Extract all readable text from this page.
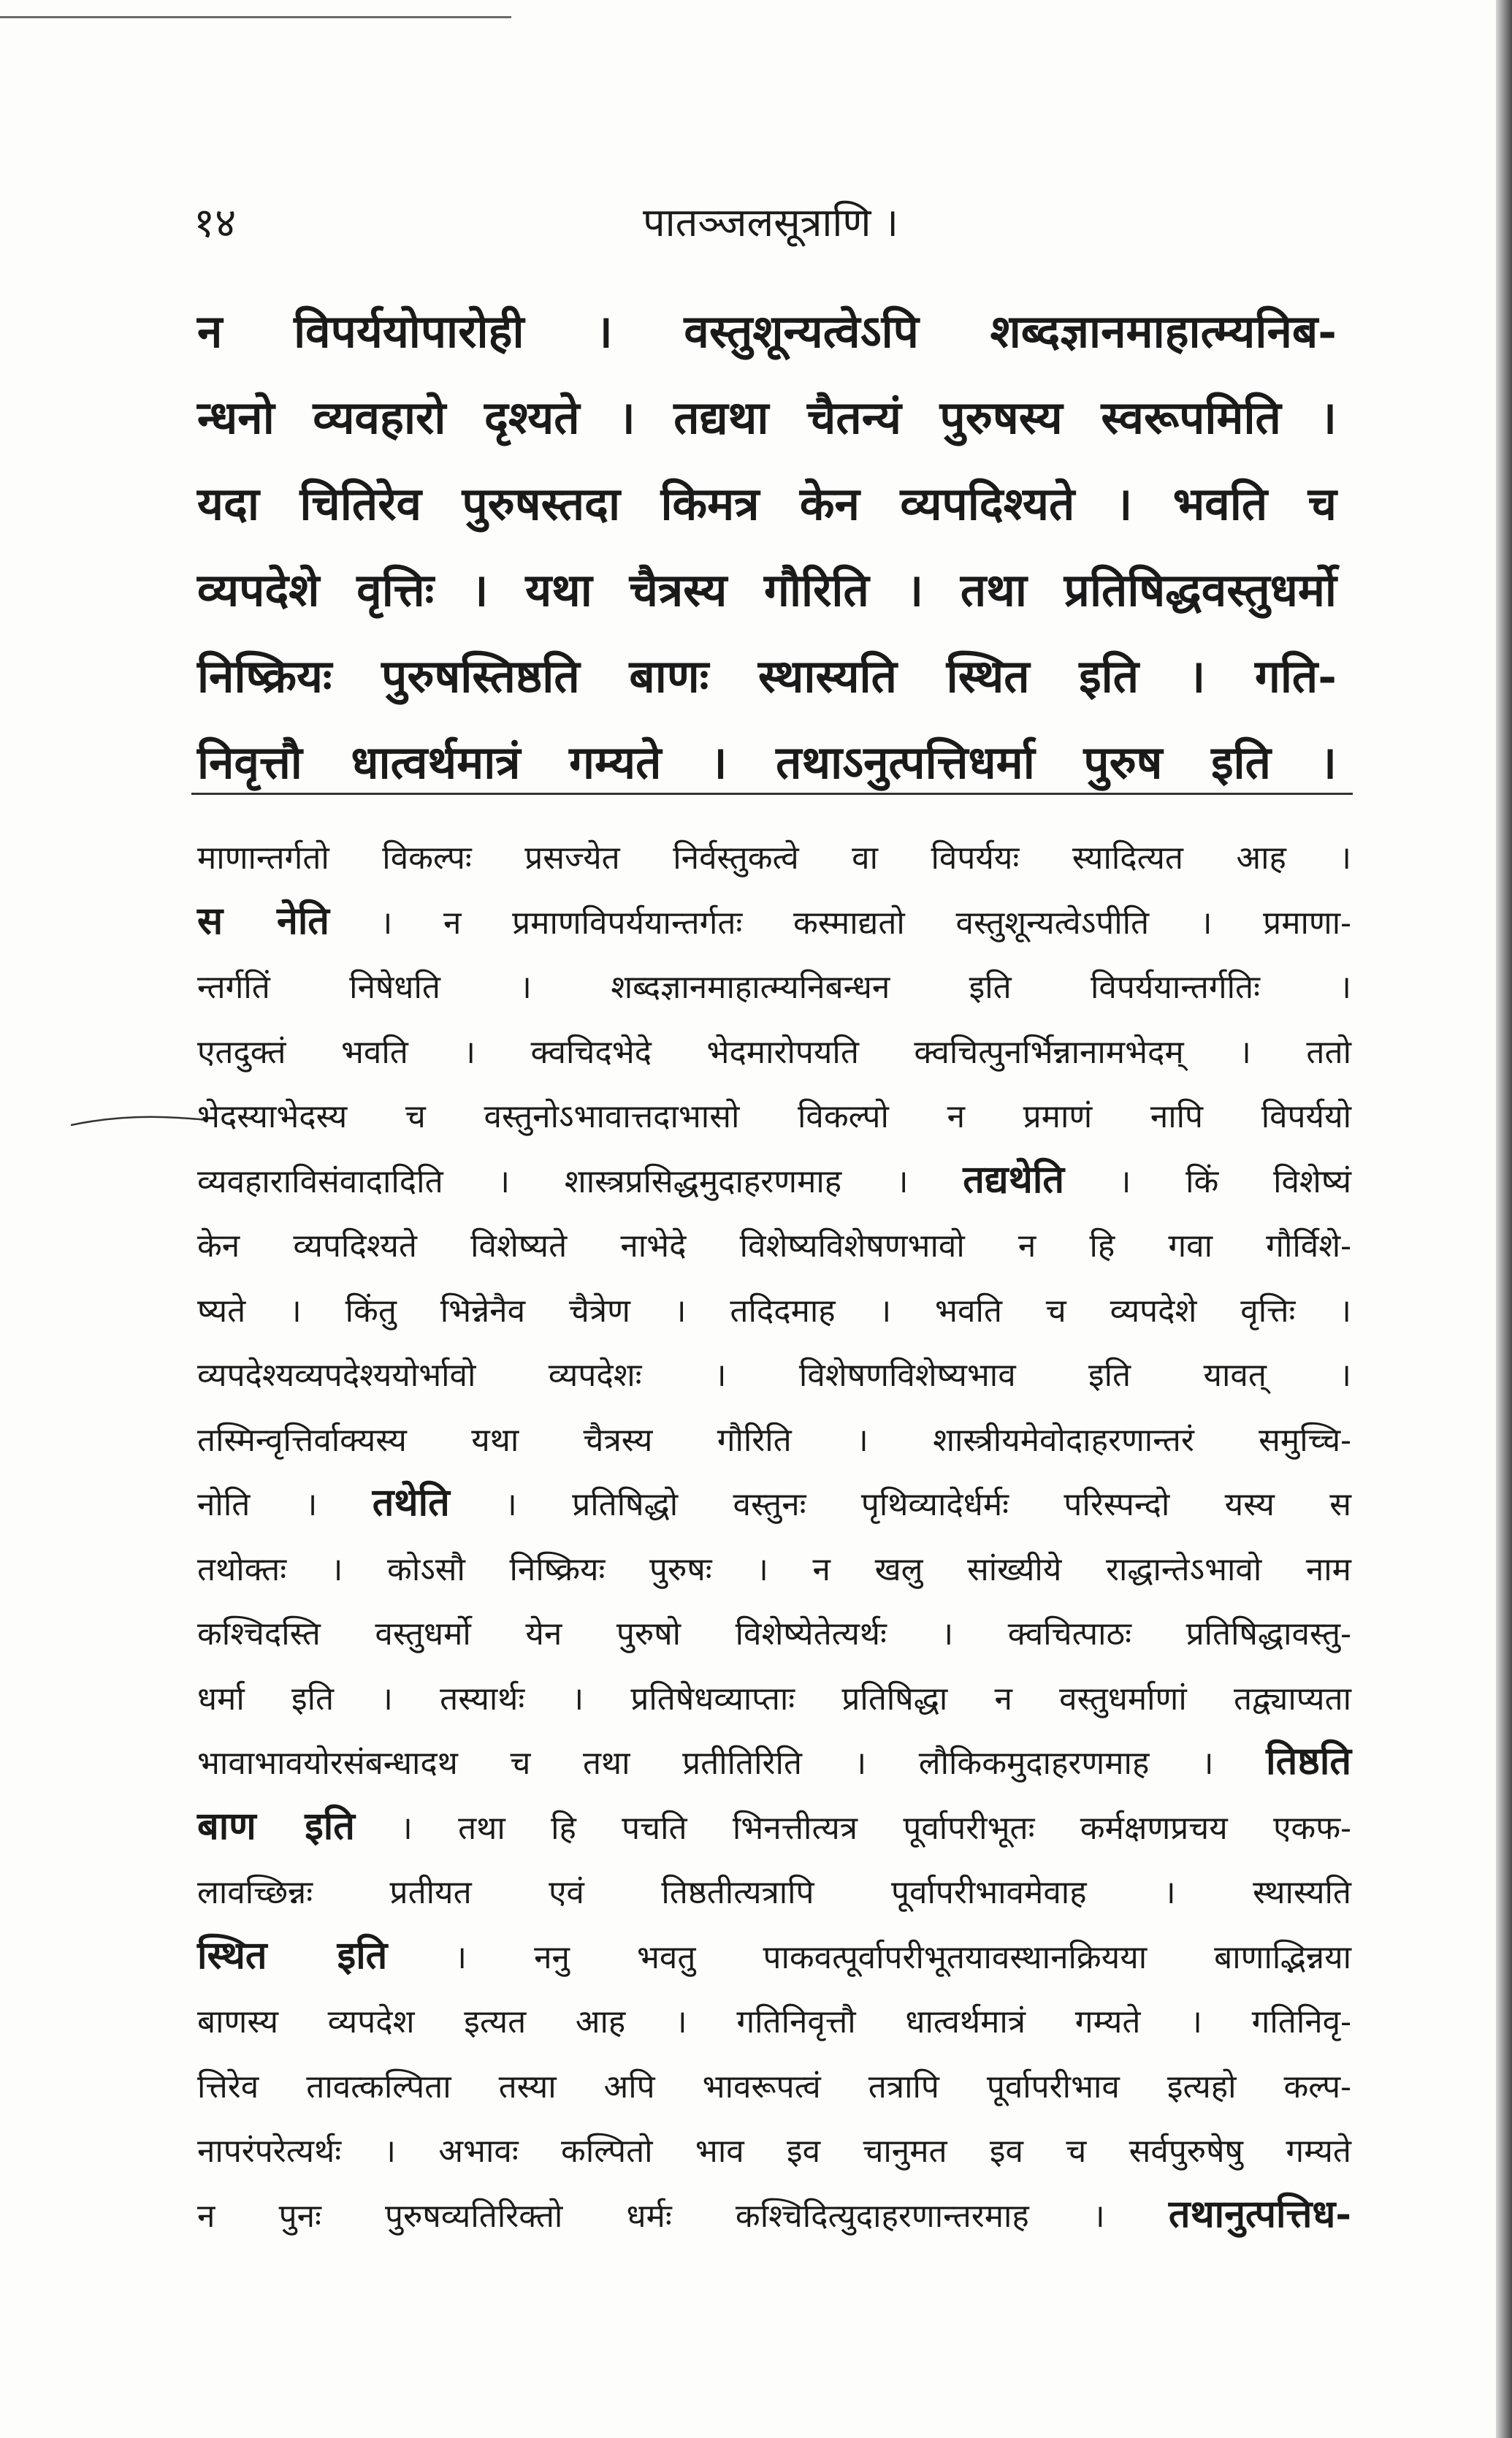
१४	पातञ्जलसूत्राणि ।
न विपर्ययोपारोही । वस्तुशून्यत्वेऽपि शब्दज्ञानमाहात्म्यनिब-
न्धनो व्यवहारो दृश्यते । तद्यथा चैतन्यं पुरुषस्य स्वरूपमिति ।
यदा चितिरेव पुरुषस्तदा किमत्र केन व्यपदिश्यते । भवति च
व्यपदेशे वृत्तिः । यथा चैत्रस्य गौरिति । तथा प्रतिषिद्धवस्तुधर्मो
निष्क्रियः पुरुषस्तिष्ठति बाणः स्थास्यति स्थित इति । गति-
निवृत्तौ धात्वर्थमात्रं गम्यते । तथाऽनुत्पत्तिधर्मा पुरुष इति ।
माणान्तर्गतो विकल्पः प्रसज्येत निर्वस्तुकत्वे वा विपर्ययः स्यादित्यत आह ।
स नेति । न प्रमाणविपर्ययान्तर्गतः कस्माद्यतो वस्तुशून्यत्वेऽपीति । प्रमाणा-
न्तर्गतिं निषेधति । शब्दज्ञानमाहात्म्यनिबन्धन इति विपर्ययान्तर्गतिः ।
एतदुक्तं भवति । क्वचिदभेदे भेदमारोपयति क्वचित्पुनर्भिन्नानामभेदम् । ततो
भेदस्याभेदस्य च वस्तुनोऽभावात्तदाभासो विकल्पो न प्रमाणं नापि विपर्ययो
व्यवहाराविसंवादादिति । शास्त्रप्रसिद्धमुदाहरणमाह । तद्यथेति । किं विशेष्यं
केन व्यपदिश्यते विशेष्यते नाभेदे विशेष्यविशेषणभावो न हि गवा गौर्विशे-
ष्यते । किंतु भिन्नेनैव चैत्रेण । तदिदमाह । भवति च व्यपदेशे वृत्तिः ।
व्यपदेश्यव्यपदेश्ययोर्भावो व्यपदेशः । विशेषणविशेष्यभाव इति यावत् ।
तस्मिन्वृत्तिर्वाक्यस्य यथा चैत्रस्य गौरिति । शास्त्रीयमेवोदाहरणान्तरं समुच्चि-
नोति । तथेति । प्रतिषिद्धो वस्तुनः पृथिव्यादेर्धर्मः परिस्पन्दो यस्य स
तथोक्तः । कोऽसौ निष्क्रियः पुरुषः । न खलु सांख्यीये राद्धान्तेऽभावो नाम
कश्चिदस्ति वस्तुधर्मो येन पुरुषो विशेष्येतेत्यर्थः । क्वचित्पाठः प्रतिषिद्धावस्तु-
धर्मा इति । तस्यार्थः । प्रतिषेधव्याप्ताः प्रतिषिद्धा न वस्तुधर्माणां तद्व्याप्यता
भावाभावयोरसंबन्धादथ च तथा प्रतीतिरिति । लौकिकमुदाहरणमाह । तिष्ठति
बाण इति । तथा हि पचति भिनत्तीत्यत्र पूर्वापरीभूतः कर्मक्षणप्रचय एकफ-
लावच्छिन्नः प्रतीयत एवं तिष्ठतीत्यत्रापि पूर्वापरीभावमेवाह । स्थास्यति
स्थित इति । ननु भवतु पाकवत्पूर्वापरीभूतयावस्थानक्रियया बाणाद्भिन्नया
बाणस्य व्यपदेश इत्यत आह । गतिनिवृत्तौ धात्वर्थमात्रं गम्यते । गतिनिवृ-
त्तिरेव तावत्कल्पिता तस्या अपि भावरूपत्वं तत्रापि पूर्वापरीभाव इत्यहो कल्प-
नापरंपरेत्यर्थः । अभावः कल्पितो भाव इव चानुमत इव च सर्वपुरुषेषु गम्यते
न पुनः पुरुषव्यतिरिक्तो धर्मः कश्चिदित्युदाहरणान्तरमाह । तथानुत्पत्तिध-
